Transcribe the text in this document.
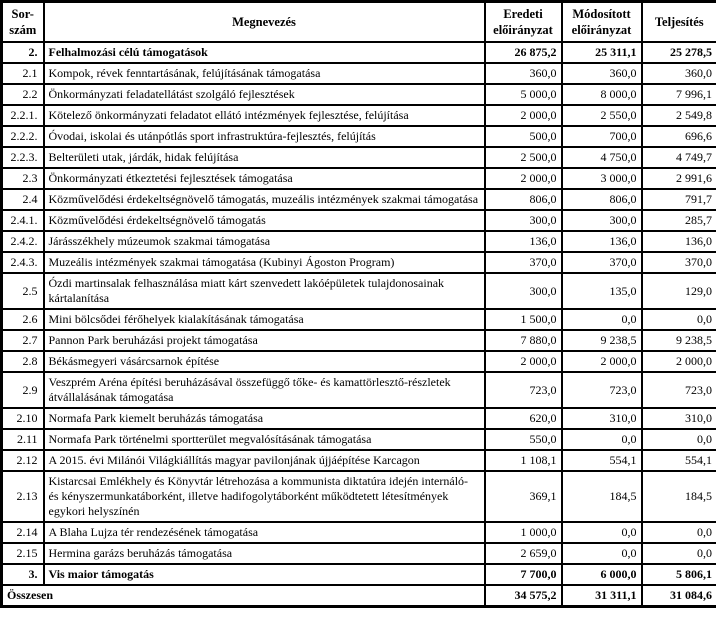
Sor-
szám	Megnevezés	Eredeti előirányzat	Módosított előirányzat	Teljesítés
2.	Felhalmozási célú támogatások	26 875,2	25 311,1	25 278,5
2.1	Kompok, révek fenntartásának, felújításának támogatása	360,0	360,0	360,0
2.2	Önkormányzati feladatellátást szolgáló fejlesztések	5 000,0	8 000,0	7 996,1
2.2.1.	Kötelező önkormányzati feladatot ellátó intézmények fejlesztése, felújítása	2 000,0	2 550,0	2 549,8
2.2.2.	Óvodai, iskolai és utánpótlás sport infrastruktúra-fejlesztés, felújítás	500,0	700,0	696,6
2.2.3.	Belterületi utak, járdák, hidak felújítása	2 500,0	4 750,0	4 749,7
2.3	Önkormányzati étkeztetési fejlesztések támogatása	2 000,0	3 000,0	2 991,6
2.4	Közművelődési érdekeltségnövelő támogatás, muzeális intézmények szakmai támogatása	806,0	806,0	791,7
2.4.1.	Közművelődési érdekeltségnövelő támogatás	300,0	300,0	285,7
2.4.2.	Járásszékhely múzeumok szakmai támogatása	136,0	136,0	136,0
2.4.3.	Muzeális intézmények szakmai támogatása (Kubinyi Ágoston Program)	370,0	370,0	370,0
2.5	Ózdi martinsalak felhasználása miatt kárt szenvedett lakóépületek tulajdonosainak kártalanítása	300,0	135,0	129,0
2.6	Mini bölcsődei férőhelyek kialakításának támogatása	1 500,0	0,0	0,0
2.7	Pannon Park beruházási projekt támogatása	7 880,0	9 238,5	9 238,5
2.8	Békásmegyeri vásárcsarnok építése	2 000,0	2 000,0	2 000,0
2.9	Veszprém Aréna építési beruházásával összefüggő tőke- és kamattörlesztő-részletek átvállalásának támogatása	723,0	723,0	723,0
2.10	Normafa Park kiemelt beruházás támogatása	620,0	310,0	310,0
2.11	Normafa Park történelmi sportterület megvalósításának támogatása	550,0	0,0	0,0
2.12	A 2015. évi Milánói Világkiállítás magyar pavilonjának újjáépítése Karcagon	1 108,1	554,1	554,1
2.13	Kistarcsai Emlékhely és Könyvtár létrehozása a kommunista diktatúra idején internáló- és kényszermunkatáborként, illetve hadifogolytáborként működtetett létesítmények egykori helyszínén	369,1	184,5	184,5
2.14	A Blaha Lujza tér rendezésének támogatása	1 000,0	0,0	0,0
2.15	Hermina garázs beruházás támogatása	2 659,0	0,0	0,0
3.	Vis maior támogatás	7 700,0	6 000,0	5 806,1
Összesen		34 575,2	31 311,1	31 084,6
